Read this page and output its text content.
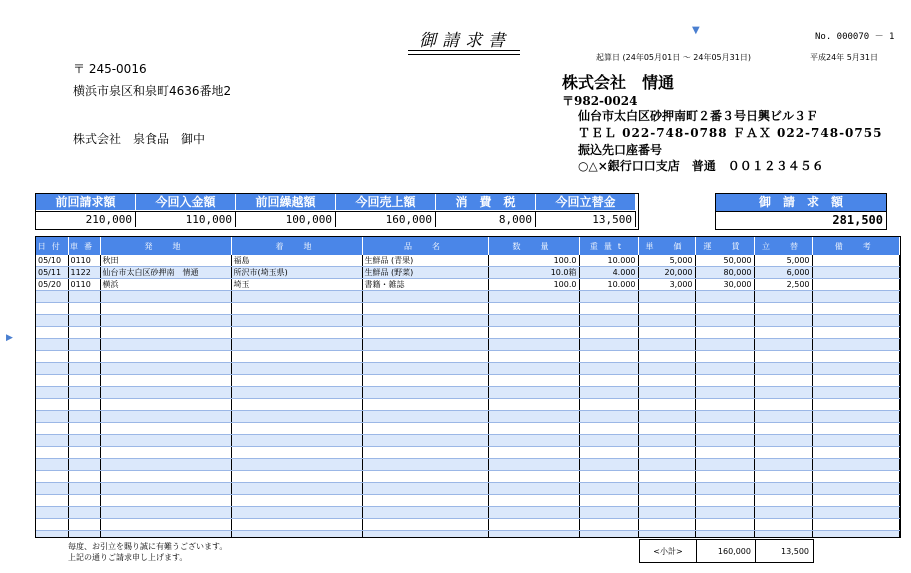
▼
▶
御請求書	No. 000070 － 1
起算日 (24年05月01日 ～ 24年05月31日)	平成24年 5月31日
〒 245-0016
横浜市泉区和泉町4636番地2
株式会社　泉食品　御中
株式会社　情通
〒982-0024
仙台市太白区砂押南町２番３号日興ビル３Ｆ
ＴＥＬ 022-748-0788 ＦＡＸ 022-748-0755
振込先口座番号
○△×銀行口口支店　普通　００１２３４５６
前回請求額	今回入金額	前回繰越額	今回売上額	消　費　税	今回立替金
210,000	110,000	100,000	160,000	8,000	13,500
御　請　求　額
281,500
日付	車番	発　地	着　地	品　名	数　量	重量t	単　価	運　賃	立　替	備　考
05/10	0110	秋田	福島	生鮮品 (青果)	100.0	10.000	5,000	50,000	5,000	
05/11	1122	仙台市太白区砂押南　情通	所沢市(埼玉県)	生鮮品 (野菜)	10.0箱	4.000	20,000	80,000	6,000	
05/20	0110	横浜	埼玉	書籍・雑誌	100.0	10.000	3,000	30,000	2,500	

毎度、お引立を賜り誠に有難うございます。
上記の通りご請求申し上げます。
<小計>	160,000	13,500
